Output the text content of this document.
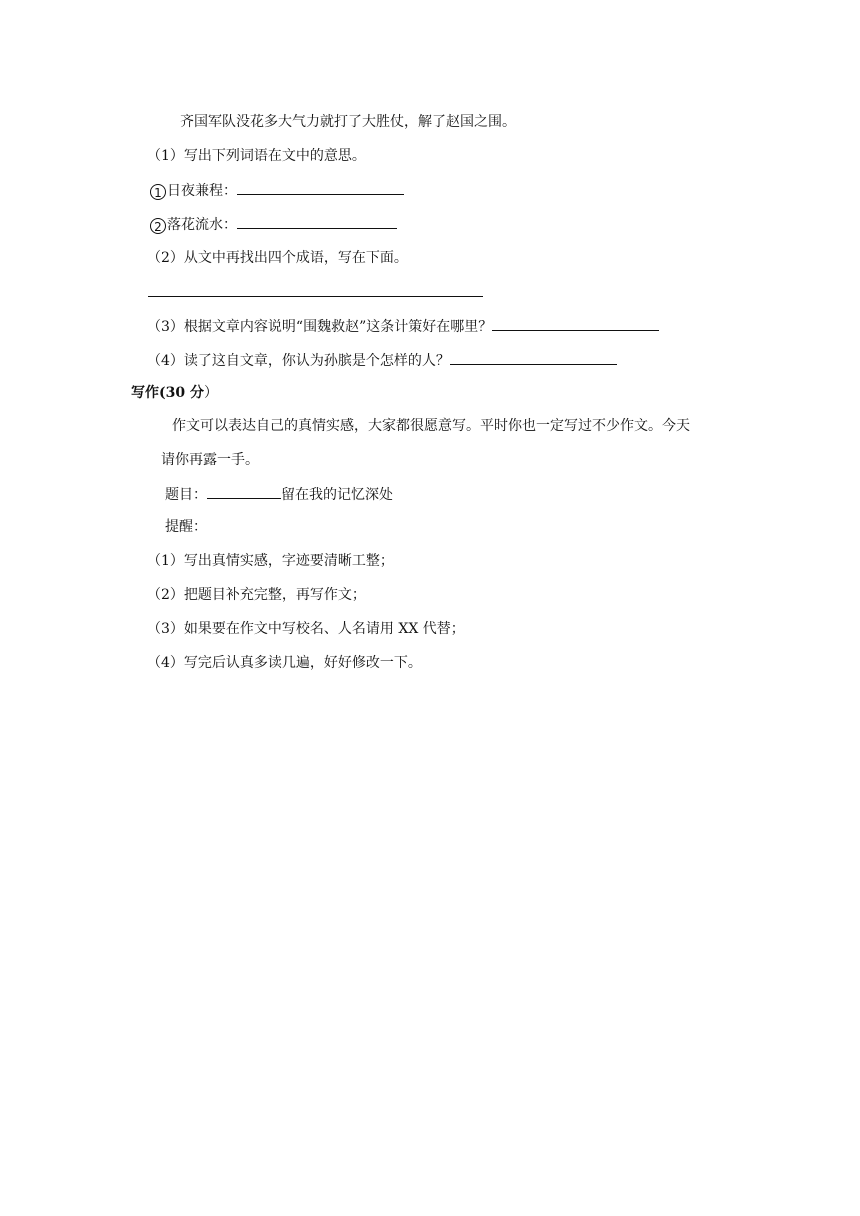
齐国军队没花多大气力就打了大胜仗，解了赵国之围。
（1）写出下列词语在文中的意思。
1 日夜兼程：
2 落花流水：
（2）从文中再找出四个成语，写在下面。
（3）根据文章内容说明“围魏救赵”这条计策好在哪里？
（4）读了这自文章，你认为孙膑是个怎样的人？
写作(30 分）
作文可以表达自己的真情实感，大家都很愿意写。平时你也一定写过不少作文。今天
请你再露一手。
题目：	留在我的记忆深处
提醒：
（1）写出真情实感，字迹要清晰工整；
（2）把题目补充完整，再写作文；
（3）如果要在作文中写校名、人名请用 XX 代替；
（4）写完后认真多读几遍，好好修改一下。
